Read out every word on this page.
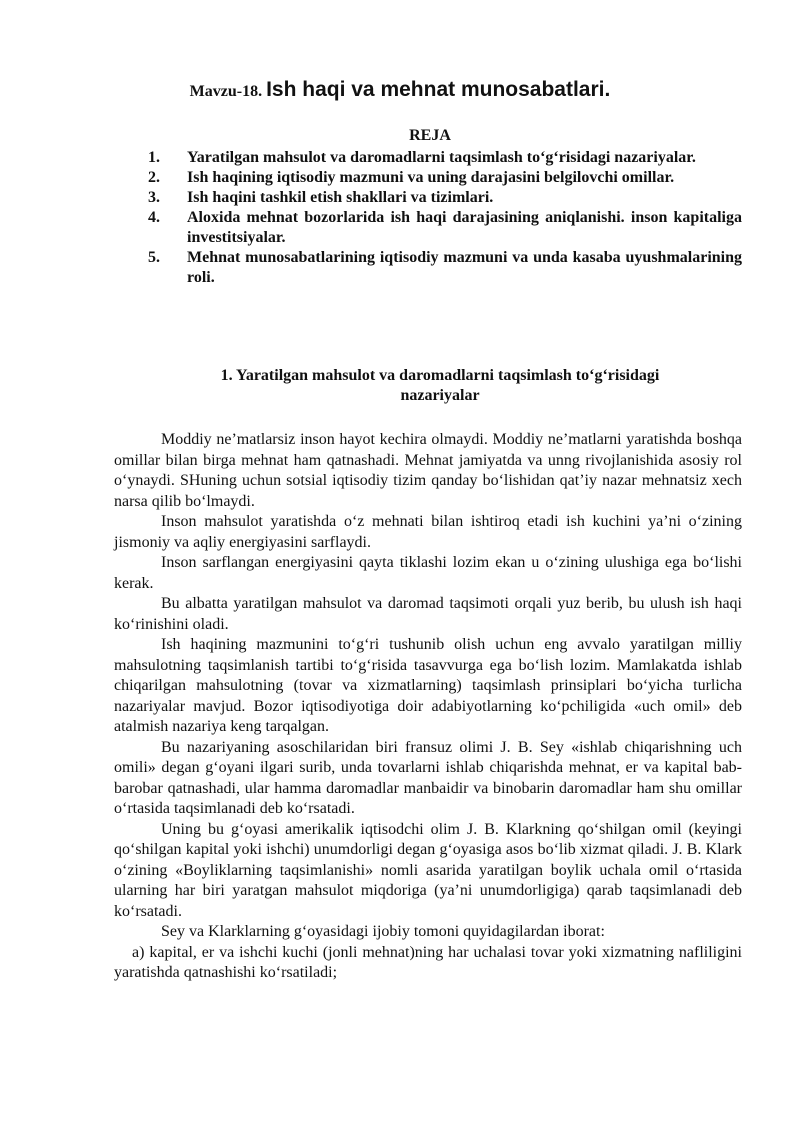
Mavzu-18. Ish haqi va mehnat munosabatlari.
REJA
1. Yaratilgan mahsulot va daromadlarni taqsimlash to‘g‘risidagi nazariyalar.
2. Ish haqining iqtisodiy mazmuni va uning darajasini belgilovchi omillar.
3. Ish haqini tashkil etish shakllari va tizimlari.
4. Aloxida mehnat bozorlarida ish haqi darajasining aniqlanishi. inson kapitaliga investitsiyalar.
5. Mehnat munosabatlarining iqtisodiy mazmuni va unda kasaba uyushmalarining roli.
1. Yaratilgan mahsulot va daromadlarni taqsimlash to‘g‘risidagi
nazariyalar

Moddiy ne’matlarsiz inson hayot kechira olmaydi. Moddiy ne’matlarni yaratishda boshqa omillar bilan birga mehnat ham qatnashadi. Mehnat jamiyatda va unng rivojlanishida asosiy rol o‘ynaydi. SHuning uchun sotsial iqtisodiy tizim qanday bo‘lishidan qat’iy nazar mehnatsiz xech narsa qilib bo‘lmaydi.

Inson mahsulot yaratishda o‘z mehnati bilan ishtiroq etadi ish kuchini ya’ni o‘zining jismoniy va aqliy energiyasini sarflaydi.

Inson sarflangan energiyasini qayta tiklashi lozim ekan u o‘zining ulushiga ega bo‘lishi kerak.

Bu albatta yaratilgan mahsulot va daromad taqsimoti orqali yuz berib, bu ulush ish haqi ko‘rinishini oladi.

Ish haqining mazmunini to‘g‘ri tushunib olish uchun eng avvalo yaratilgan milliy mahsulotning taqsimlanish tartibi to‘g‘risida tasavvurga ega bo‘lish lozim. Mamlakatda ishlab chiqarilgan mahsulotning (tovar va xizmatlarning) taqsimlash prinsiplari bo‘yicha turlicha nazariyalar mavjud. Bozor iqtisodiyotiga doir adabiyotlarning ko‘pchiligida «uch omil» deb atalmish nazariya keng tarqalgan.

Bu nazariyaning asoschilaridan biri fransuz olimi J. B. Sey «ishlab chiqarishning uch omili» degan g‘oyani ilgari surib, unda tovarlarni ishlab chiqarishda mehnat, er va kapital bab-barobar qatnashadi, ular hamma daromadlar manbaidir va binobarin daromadlar ham shu omillar o‘rtasida taqsimlanadi deb ko‘rsatadi.

Uning bu g‘oyasi amerikalik iqtisodchi olim J. B. Klarkning qo‘shilgan omil (keyingi qo‘shilgan kapital yoki ishchi) unumdorligi degan g‘oyasiga asos bo‘lib xizmat qiladi. J. B. Klark o‘zining «Boyliklarning taqsimlanishi» nomli asarida yaratilgan boylik uchala omil o‘rtasida ularning har biri yaratgan mahsulot miqdoriga (ya’ni unumdorligiga) qarab taqsimlanadi deb ko‘rsatadi.

Sey va Klarklarning g‘oyasidagi ijobiy tomoni quyidagilardan iborat:

a) kapital, er va ishchi kuchi (jonli mehnat)ning har uchalasi tovar yoki xizmatning nafliligini yaratishda qatnashishi ko‘rsatiladi;
